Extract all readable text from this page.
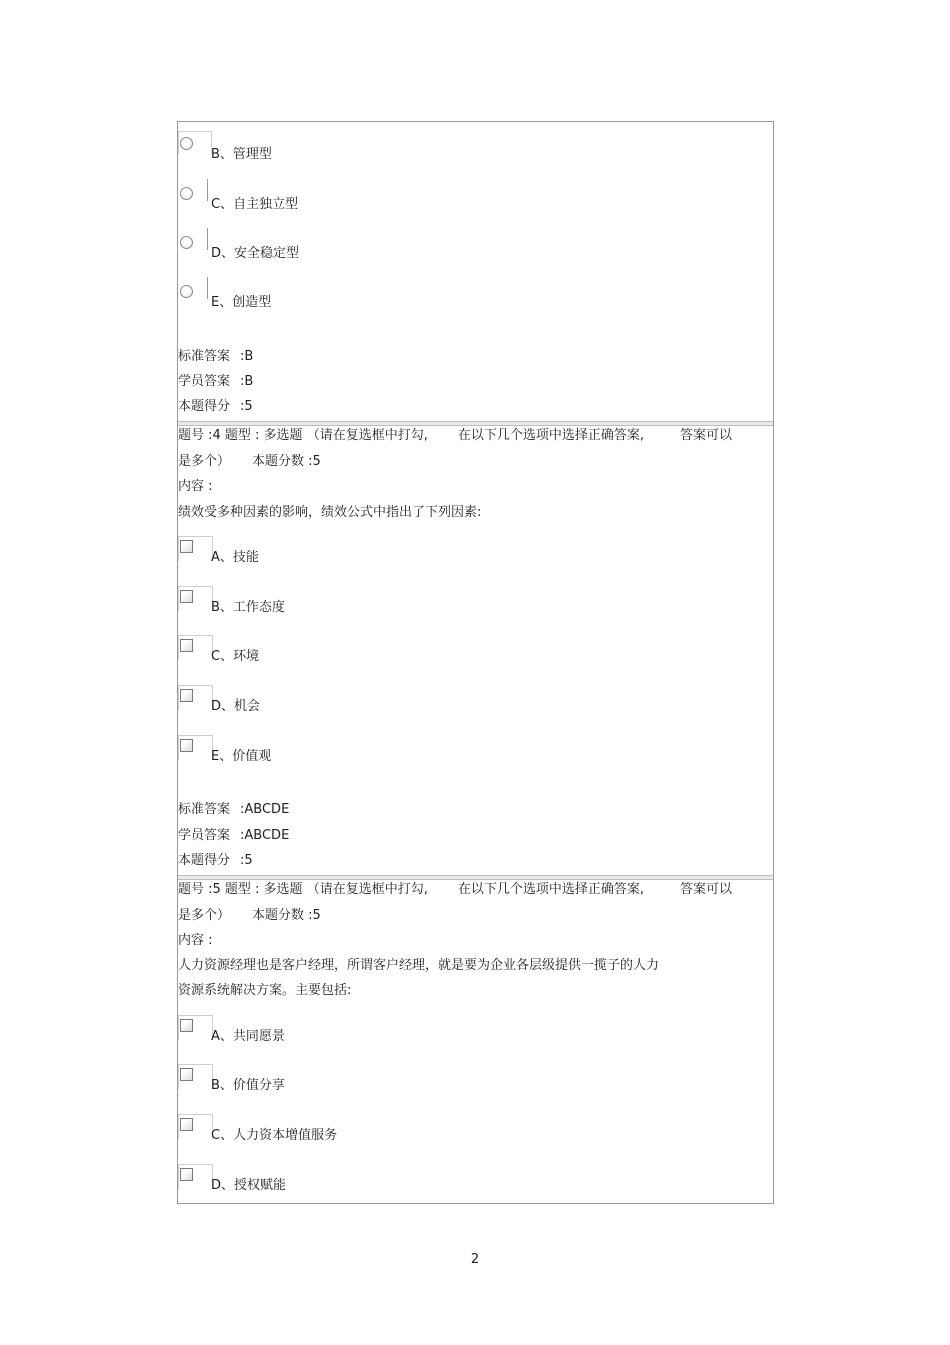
B、管理型
C、自主独立型
D、安全稳定型
E、创造型
标准答案 :B
学员答案 :B
本题得分 :5
题号 :4 题型 : 多选题 （请在复选框中打勾, 在以下几个选项中选择正确答案,	答案可以
是多个） 本题分数 :5
内容 :
绩效受多种因素的影响，绩效公式中指出了下列因素:
A、技能
B、工作态度
C、环境
D、机会
E、价值观
标准答案 :ABCDE
学员答案 :ABCDE
本题得分 :5
题号 :5 题型 : 多选题 （请在复选框中打勾, 在以下几个选项中选择正确答案,	答案可以
是多个） 本题分数 :5
内容 :
人力资源经理也是客户经理，所谓客户经理，就是要为企业各层级提供一揽子的人力
资源系统解决方案。主要包括:
A、共同愿景
B、价值分享
C、人力资本增值服务
D、授权赋能
2
